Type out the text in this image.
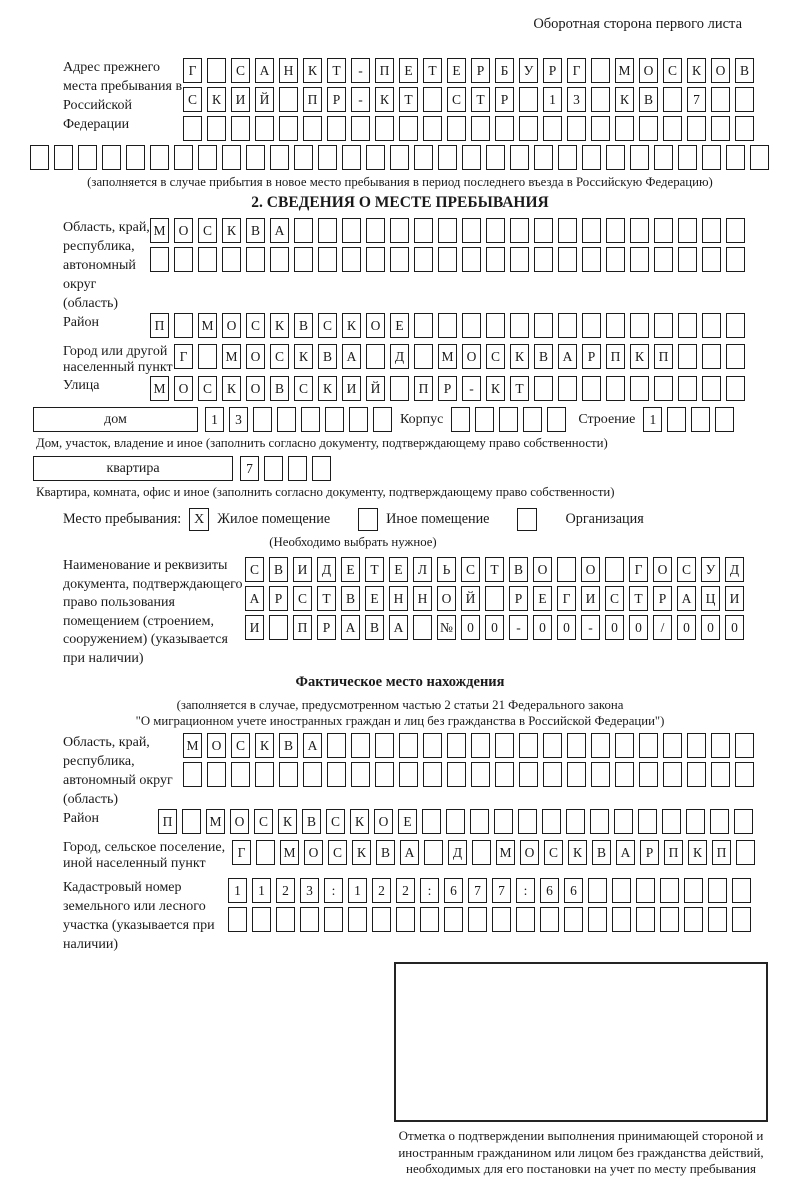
Оборотная сторона первого листа
Адрес прежнего места пребывания в Российской Федерации
Г	С	А	Н	К	Т	-	П	Е	Т	Е	Р	Б	У	Р	Г	М О	С	К	О	В
С	К	И	Й	П	Р	-	К	Т	С	Т	Р	1	3	К	В	7
(заполняется в случае прибытия в новое место пребывания в период последнего въезда в Российскую Федерацию)
2. СВЕДЕНИЯ О МЕСТЕ ПРЕБЫВАНИЯ
Область, край, республика, автономный округ (область)
М О	С	К	В	А
Район	П	М О	С	К	В	С	К	О	Е
Город или другой населенный пункт
Г	М О	С	К	В	А	Д	М О	С	К	В	А	Р	П	К	П
Улица	М О	С	К	О	В	С	К	И	Й	П	Р	-	К	Т
дом	1	3	Корпус	Строение	1
Дом, участок, владение и иное (заполнить согласно документу, подтверждающему право собственности)
квартира	7
Квартира, комната, офис и иное (заполнить согласно документу, подтверждающему право собственности)
Место пребывания: X Жилое помещение	Иное помещение	Организация
(Необходимо выбрать нужное)
Наименование и реквизиты документа, подтверждающего право пользования помещением (строением, сооружением) (указывается при наличии)
С	В	И	Д	Е	Т	Е	Л	Ь	С	Т	В	О	О	Г	О	С	У	Д
А	Р	С	Т	В	Е	Н	Н	О	Й	Р	Е	Г	И	С	Т	Р	А	Ц	И
И	П	Р	А	В	А	№	0	0	-	0	0	-	0	0	/	0	0	0
Фактическое место нахождения
(заполняется в случае, предусмотренном частью 2 статьи 21 Федерального закона
"О миграционном учете иностранных граждан и лиц без гражданства в Российской Федерации")
Область, край, республика, автономный округ (область)
М О	С	К	В	А
Район	П	М О	С	К	В	С	К	О	Е
Город, сельское поселение, иной населенный пункт
Г	М О	С	К	В	А	Д	М О	С	К	В	А	Р	П	К	П
Кадастровый номер земельного или лесного участка (указывается при наличии)
1	1	2	3	:	1	2	2	:	6	7	7	:	6	6
Отметка о подтверждении выполнения принимающей стороной и иностранным гражданином или лицом без гражданства действий, необходимых для его постановки на учет по месту пребывания
